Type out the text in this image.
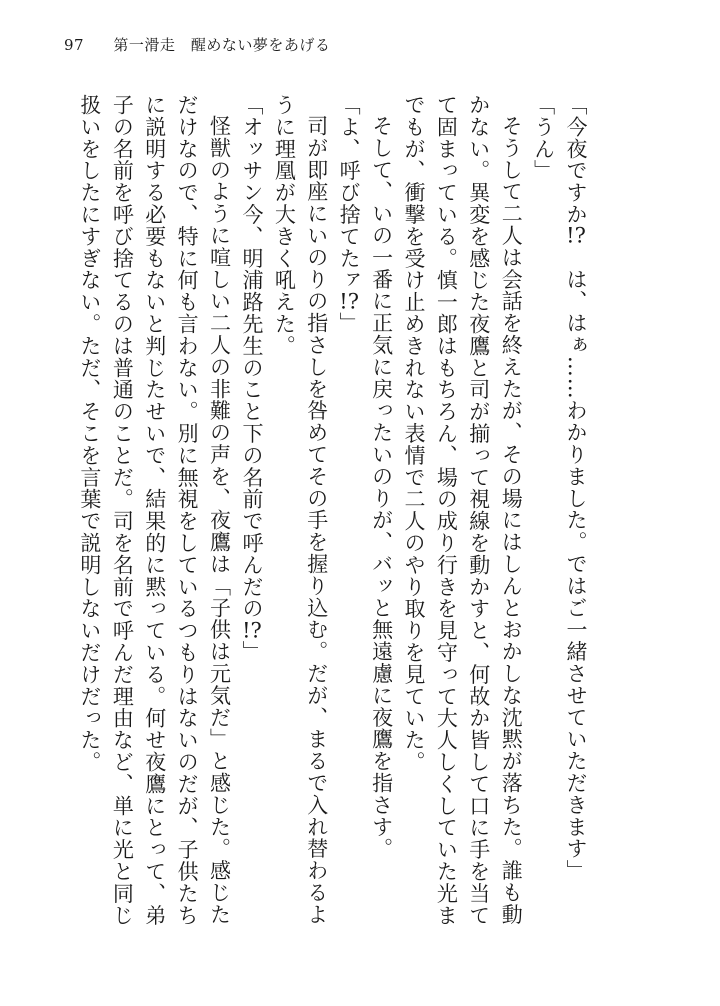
97 第一滑走　醒めない夢をあげる

「今夜ですか!?　は、はぁ……わかりました。ではご一緒させていただきます」

「うん」

そうして二人は会話を終えたが、その場にはしんとおかしな沈黙が落ちた。誰も動かない。異変を感じた夜鷹と司が揃って視線を動かすと、何故か皆して口に手を当てて固まっている。慎一郎はもちろん、場の成り行きを見守って大人しくしていた光までもが、衝撃を受け止めきれない表情で二人のやり取りを見ていた。

そして、いの一番に正気に戻ったいのりが、バッと無遠慮に夜鷹を指さす。

「よ、呼び捨てたァ!?」

司が即座にいのりの指さしを咎めてその手を握り込む。だが、まるで入れ替わるように理凰が大きく吼えた。

「オッサン今、明浦路先生のこと下の名前で呼んだの!?」

怪獣のように喧しい二人の非難の声を、夜鷹は「子供は元気だ」と感じた。感じただけなので、特に何も言わない。別に無視をしているつもりはないのだが、子供たちに説明する必要もないと判じたせいで、結果的に黙っている。何せ夜鷹にとって、弟子の名前を呼び捨てるのは普通のことだ。司を名前で呼んだ理由など、単に光と同じ扱いをしたにすぎない。ただ、そこを言葉で説明しないだけだった。
